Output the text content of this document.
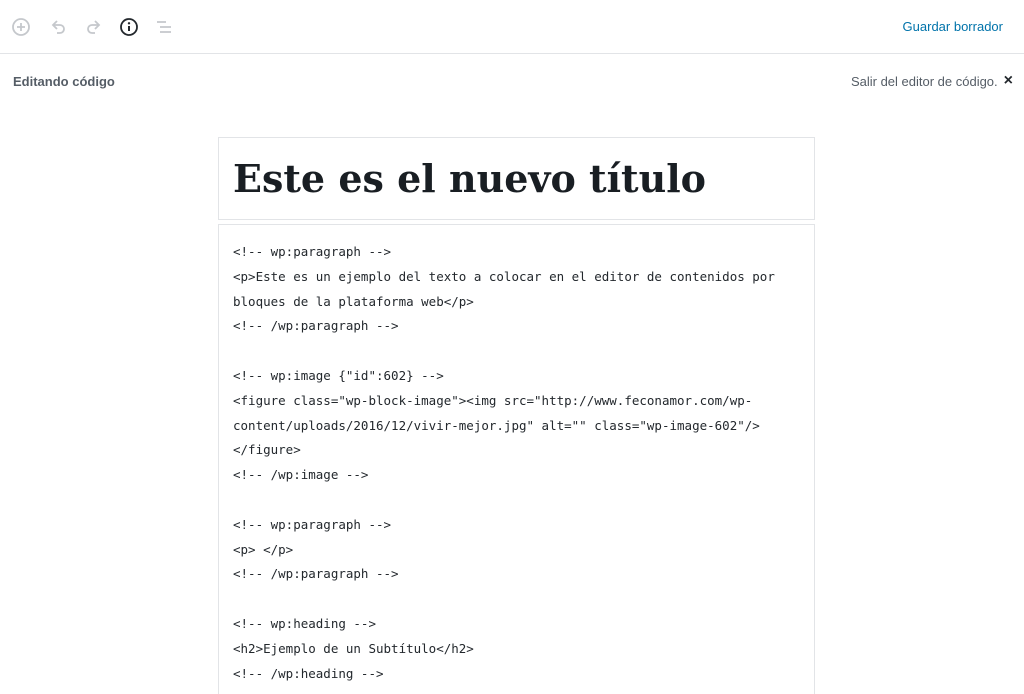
Guardar borrador
Editando código	Salir del editor de código. ×
Este es el nuevo título
<!-- wp:paragraph -->
<p>Este es un ejemplo del texto a colocar en el editor de contenidos por
bloques de la plataforma web</p>
<!-- /wp:paragraph -->
<!-- wp:image {"id":602} -->
<figure class="wp-block-image"><img src="http://www.feconamor.com/wp-
content/uploads/2016/12/vivir-mejor.jpg" alt="" class="wp-image-602"/>
</figure>
<!-- /wp:image -->
<!-- wp:paragraph -->
<p> </p>
<!-- /wp:paragraph -->
<!-- wp:heading -->
<h2>Ejemplo de un Subtítulo</h2>
<!-- /wp:heading -->
